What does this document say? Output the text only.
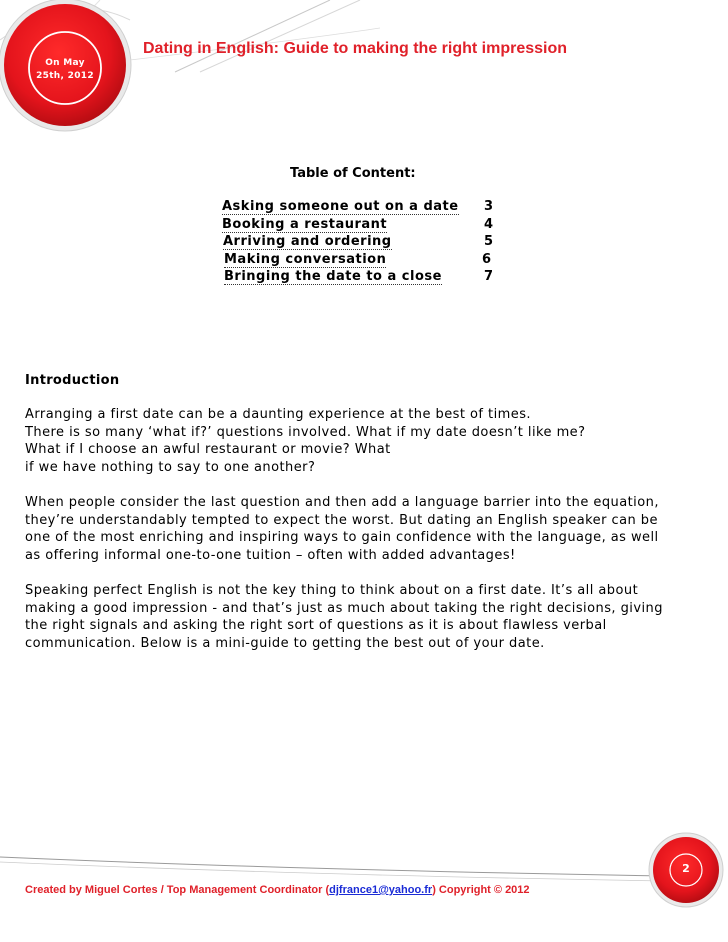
On May
25th, 2012
Dating in English: Guide to making the right impression
Table of Content:
Asking someone out on a date 3
Booking a restaurant	4
Arriving and ordering	5
Making conversation	6
Bringing the date to a close	7
Introduction
Arranging a first date can be a daunting experience at the best of times.
There is so many ‘what if?’ questions involved. What if my date doesn’t like me?
What if I choose an awful restaurant or movie? What
if we have nothing to say to one another?
When people consider the last question and then add a language barrier into the equation,
they’re understandably tempted to expect the worst. But dating an English speaker can be
one of the most enriching and inspiring ways to gain confidence with the language, as well
as offering informal one-to-one tuition – often with added advantages!
Speaking perfect English is not the key thing to think about on a first date. It’s all about
making a good impression - and that’s just as much about taking the right decisions, giving
the right signals and asking the right sort of questions as it is about flawless verbal
communication. Below is a mini-guide to getting the best out of your date.
Created by Miguel Cortes / Top Management Coordinator (djfrance1@yahoo.fr) Copyright © 2012
2
